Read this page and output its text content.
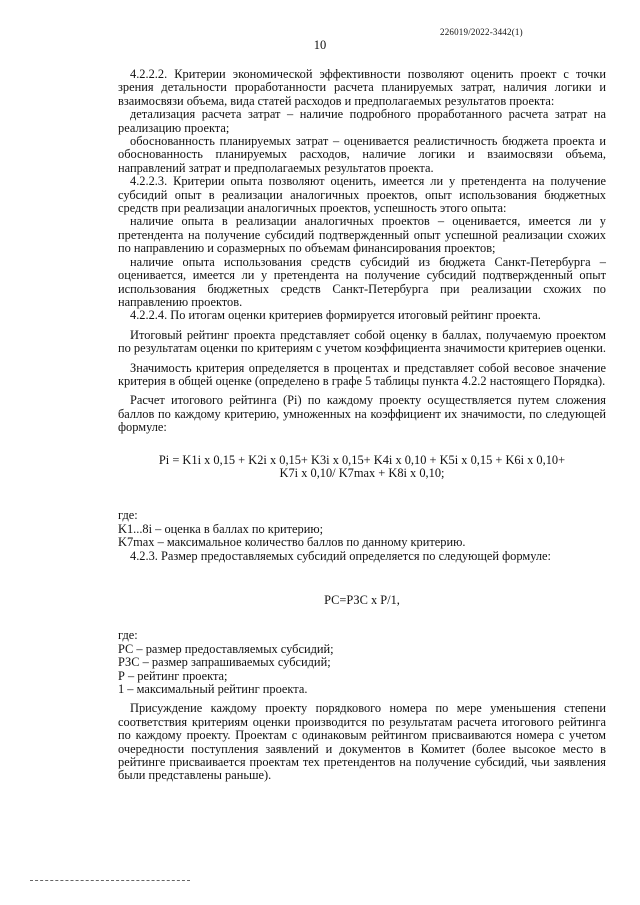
226019/2022-3442(1)
10

4.2.2.2. Критерии экономической эффективности позволяют оценить проект с точки зрения детальности проработанности расчета планируемых затрат, наличия логики и взаимосвязи объема, вида статей расходов и предполагаемых результатов проекта:

детализация расчета затрат – наличие подробного проработанного расчета затрат на реализацию проекта;

обоснованность планируемых затрат – оценивается реалистичность бюджета проекта и обоснованность планируемых расходов, наличие логики и взаимосвязи объема, направлений затрат и предполагаемых результатов проекта.

4.2.2.3. Критерии опыта позволяют оценить, имеется ли у претендента на получение субсидий опыт в реализации аналогичных проектов, опыт использования бюджетных средств при реализации аналогичных проектов, успешность этого опыта:

наличие опыта в реализации аналогичных проектов – оценивается, имеется ли у претендента на получение субсидий подтвержденный опыт успешной реализации схожих по направлению и соразмерных по объемам финансирования проектов;

наличие опыта использования средств субсидий из бюджета Санкт-Петербурга – оценивается, имеется ли у претендента на получение субсидий подтвержденный опыт использования бюджетных средств Санкт-Петербурга при реализации схожих по направлению проектов.

4.2.2.4. По итогам оценки критериев формируется итоговый рейтинг проекта.

Итоговый рейтинг проекта представляет собой оценку в баллах, получаемую проектом по результатам оценки по критериям с учетом коэффициента значимости критериев оценки.

Значимость критерия определяется в процентах и представляет собой весовое значение критерия в общей оценке (определено в графе 5 таблицы пункта 4.2.2 настоящего Порядка).

Расчет итогового рейтинга (Pi) по каждому проекту осуществляется путем сложения баллов по каждому критерию, умноженных на коэффициент их значимости, по следующей формуле:

Pi = K1i x 0,15 + K2i x 0,15+ K3i x 0,15+ K4i x 0,10 + K5i x 0,15 + K6i x 0,10+
K7i x 0,10/ K7max + K8i x 0,10;

где:

K1...8i – оценка в баллах по критерию;

K7max – максимальное количество баллов по данному критерию.

4.2.3. Размер предоставляемых субсидий определяется по следующей формуле:

РС=РЗС x Р/1,

где:

РС – размер предоставляемых субсидий;

РЗС – размер запрашиваемых субсидий;

Р – рейтинг проекта;

1 – максимальный рейтинг проекта.

Присуждение каждому проекту порядкового номера по мере уменьшения степени соответствия критериям оценки производится по результатам расчета итогового рейтинга по каждому проекту. Проектам с одинаковым рейтингом присваиваются номера с учетом очередности поступления заявлений и документов в Комитет (более высокое место в рейтинге присваивается проектам тех претендентов на получение субсидий, чьи заявления были представлены раньше).
